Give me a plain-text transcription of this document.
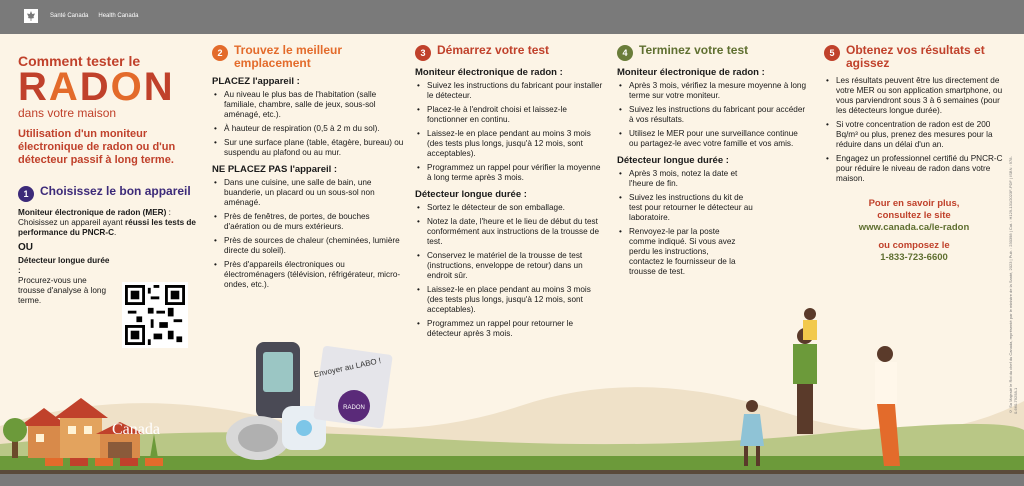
Santé Canada Health Canada
RADON
Envoyer au LABO !
Comment tester le
RADON
dans votre maison
Utilisation d'un moniteur électronique de radon ou d'un détecteur passif à long terme.
1 Choisissez le bon appareil
Moniteur électronique de radon (MER) : Choisissez un appareil ayant réussi les tests de performance du PNCR-C.
OU
Détecteur longue durée :
Procurez-vous une trousse d'analyse à long terme.
2 Trouvez le meilleur emplacement
PLACEZ l'appareil :
• Au niveau le plus bas de l'habitation (salle familiale, chambre, salle de jeux, sous-sol aménagé, etc.).
• À hauteur de respiration (0,5 à 2 m du sol).
• Sur une surface plane (table, étagère, bureau) ou suspendu au plafond ou au mur.
NE PLACEZ PAS l'appareil :
• Dans une cuisine, une salle de bain, une buanderie, un placard ou un sous-sol non aménagé.
• Près de fenêtres, de portes, de bouches d'aération ou de murs extérieurs.
• Près de sources de chaleur (cheminées, lumière directe du soleil).
• Près d'appareils électroniques ou électroménagers (télévision, réfrigérateur, micro-ondes, etc.).
3 Démarrez votre test
Moniteur électronique de radon :
• Suivez les instructions du fabricant pour installer le détecteur.
• Placez-le à l'endroit choisi et laissez-le fonctionner en continu.
• Laissez-le en place pendant au moins 3 mois (des tests plus longs, jusqu'à 12 mois, sont acceptables).
• Programmez un rappel pour vérifier la moyenne à long terme après 3 mois.
Détecteur longue durée :
• Sortez le détecteur de son emballage.
• Notez la date, l'heure et le lieu de début du test conformément aux instructions de la trousse de test.
• Conservez le matériel de la trousse de test (instructions, enveloppe de retour) dans un endroit sûr.
• Laissez-le en place pendant au moins 3 mois (des tests plus longs, jusqu'à 12 mois, sont acceptables).
• Programmez un rappel pour retourner le détecteur après 3 mois.
4 Terminez votre test
Moniteur électronique de radon :
• Après 3 mois, vérifiez la mesure moyenne à long terme sur votre moniteur.
• Suivez les instructions du fabricant pour accéder à vos résultats.
• Utilisez le MER pour une surveillance continue ou partagez-le avec votre famille et vos amis.
Détecteur longue durée :
• Après 3 mois, notez la date et l'heure de fin.
• Suivez les instructions du kit de test pour retourner le détecteur au laboratoire.
• Renvoyez-le par la poste comme indiqué. Si vous avez perdu les instructions, contactez le fournisseur de la trousse de test.
5 Obtenez vos résultats et agissez
• Les résultats peuvent être lus directement de votre MER ou son application smartphone, ou vous parviendront sous 3 à 6 semaines (pour les détecteurs longue durée).
• Si votre concentration de radon est de 200 Bq/m³ ou plus, prenez des mesures pour la réduire dans un délai d'un an.
• Engagez un professionnel certifié du PNCR-C pour réduire le niveau de radon dans votre maison.
Pour en savoir plus,
consultez le site
www.canada.ca/le-radon
ou composez le
1-833-723-6600	© Sa Majesté le Roi du chef du Canada, représenté par le ministre de la Santé, 2023 | Pub. : 230398 | Cat. : H129-131/2023F-PDF | ISBN : 978-0-660-79258-1
Canada
